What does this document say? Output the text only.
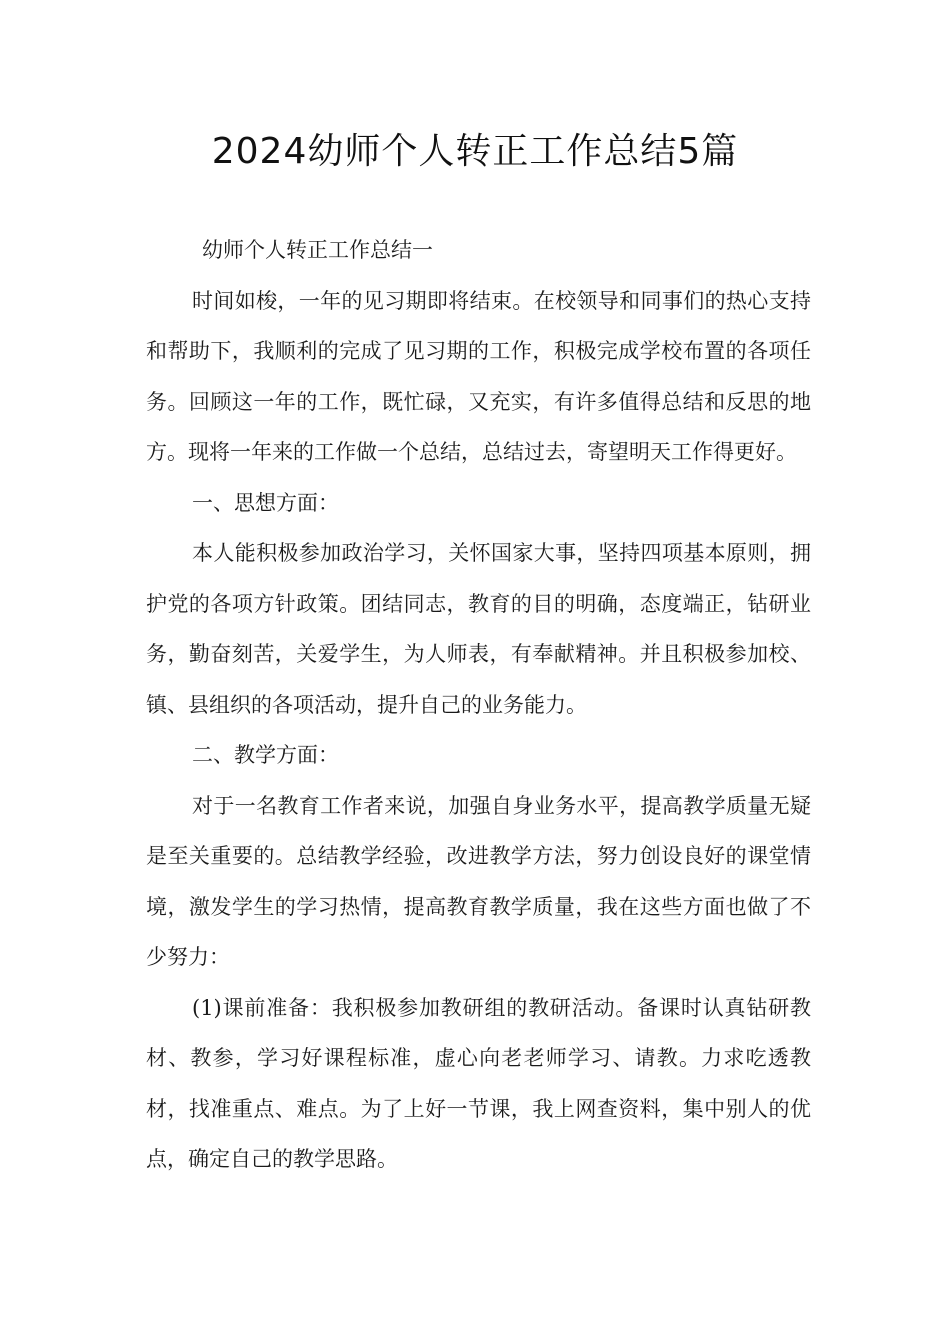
2024幼师个人转正工作总结5篇

幼师个人转正工作总结一

时间如梭，一年的见习期即将结束。在校领导和同事们的热心支持和帮助下，我顺利的完成了见习期的工作，积极完成学校布置的各项任务。回顾这一年的工作，既忙碌，又充实，有许多值得总结和反思的地方。现将一年来的工作做一个总结，总结过去，寄望明天工作得更好。

一、思想方面：

本人能积极参加政治学习，关怀国家大事，坚持四项基本原则，拥护党的各项方针政策。团结同志，教育的目的明确，态度端正，钻研业务，勤奋刻苦，关爱学生，为人师表，有奉献精神。并且积极参加校、镇、县组织的各项活动，提升自己的业务能力。

二、教学方面：

对于一名教育工作者来说，加强自身业务水平，提高教学质量无疑是至关重要的。总结教学经验，改进教学方法，努力创设良好的课堂情境，激发学生的学习热情，提高教育教学质量，我在这些方面也做了不少努力：

(1)课前准备：我积极参加教研组的教研活动。备课时认真钻研教材、教参，学习好课程标准，虚心向老老师学习、请教。力求吃透教材，找准重点、难点。为了上好一节课，我上网查资料，集中别人的优点，确定自己的教学思路。
